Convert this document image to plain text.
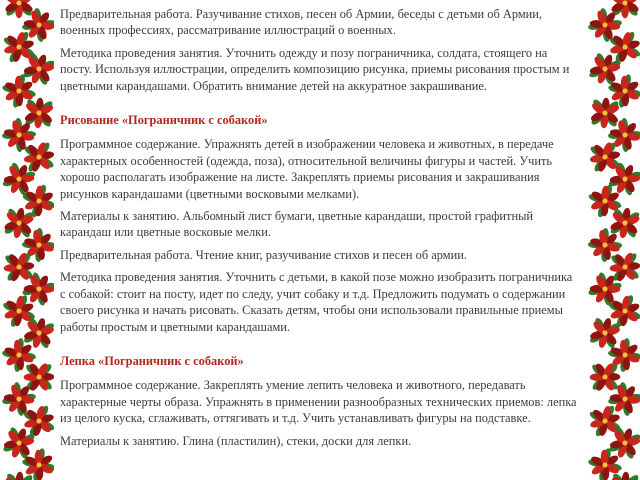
Предварительная работа. Разучивание стихов, песен об Армии, беседы с детьми об Армии, военных профессиях, рассматривание иллюстраций о военных.

Методика проведения занятия. Уточнить одежду и позу пограничника, солдата, стоящего на посту. Используя иллюстрации, определить композицию рисунка, приемы рисования простым и цветными карандашами. Обратить внимание детей на аккуратное закрашивание.

Рисование «Пограничник с собакой»

Программное содержание. Упражнять детей в изображении человека и животных, в передаче характерных особенностей (одежда, поза), относительной величины фигуры и частей. Учить хорошо располагать изображение на листе. Закреплять приемы рисования и закрашивания рисунков карандашами (цветными восковыми мелками).

Материалы к занятию. Альбомный лист бумаги, цветные карандаши, простой графитный карандаш или цветные восковые мелки.

Предварительная работа. Чтение книг, разучивание стихов и песен об армии.

Методика проведения занятия. Уточнить с детьми, в какой позе можно изобразить пограничника с собакой: стоит на посту, идет по следу, учит собаку и т.д. Предложить подумать о содержании своего рисунка и начать рисовать. Сказать детям, чтобы они использовали правильные приемы работы простым и цветными карандашами.

Лепка «Пограничник с собакой»

Программное содержание. Закреплять умение лепить человека и животного, передавать характерные черты образа. Упражнять в применении разнообразных технических приемов: лепка из целого куска, сглаживать, оттягивать и т.д. Учить устанавливать фигуры на подставке.

Материалы к занятию. Глина (пластилин), стеки, доски для лепки.
